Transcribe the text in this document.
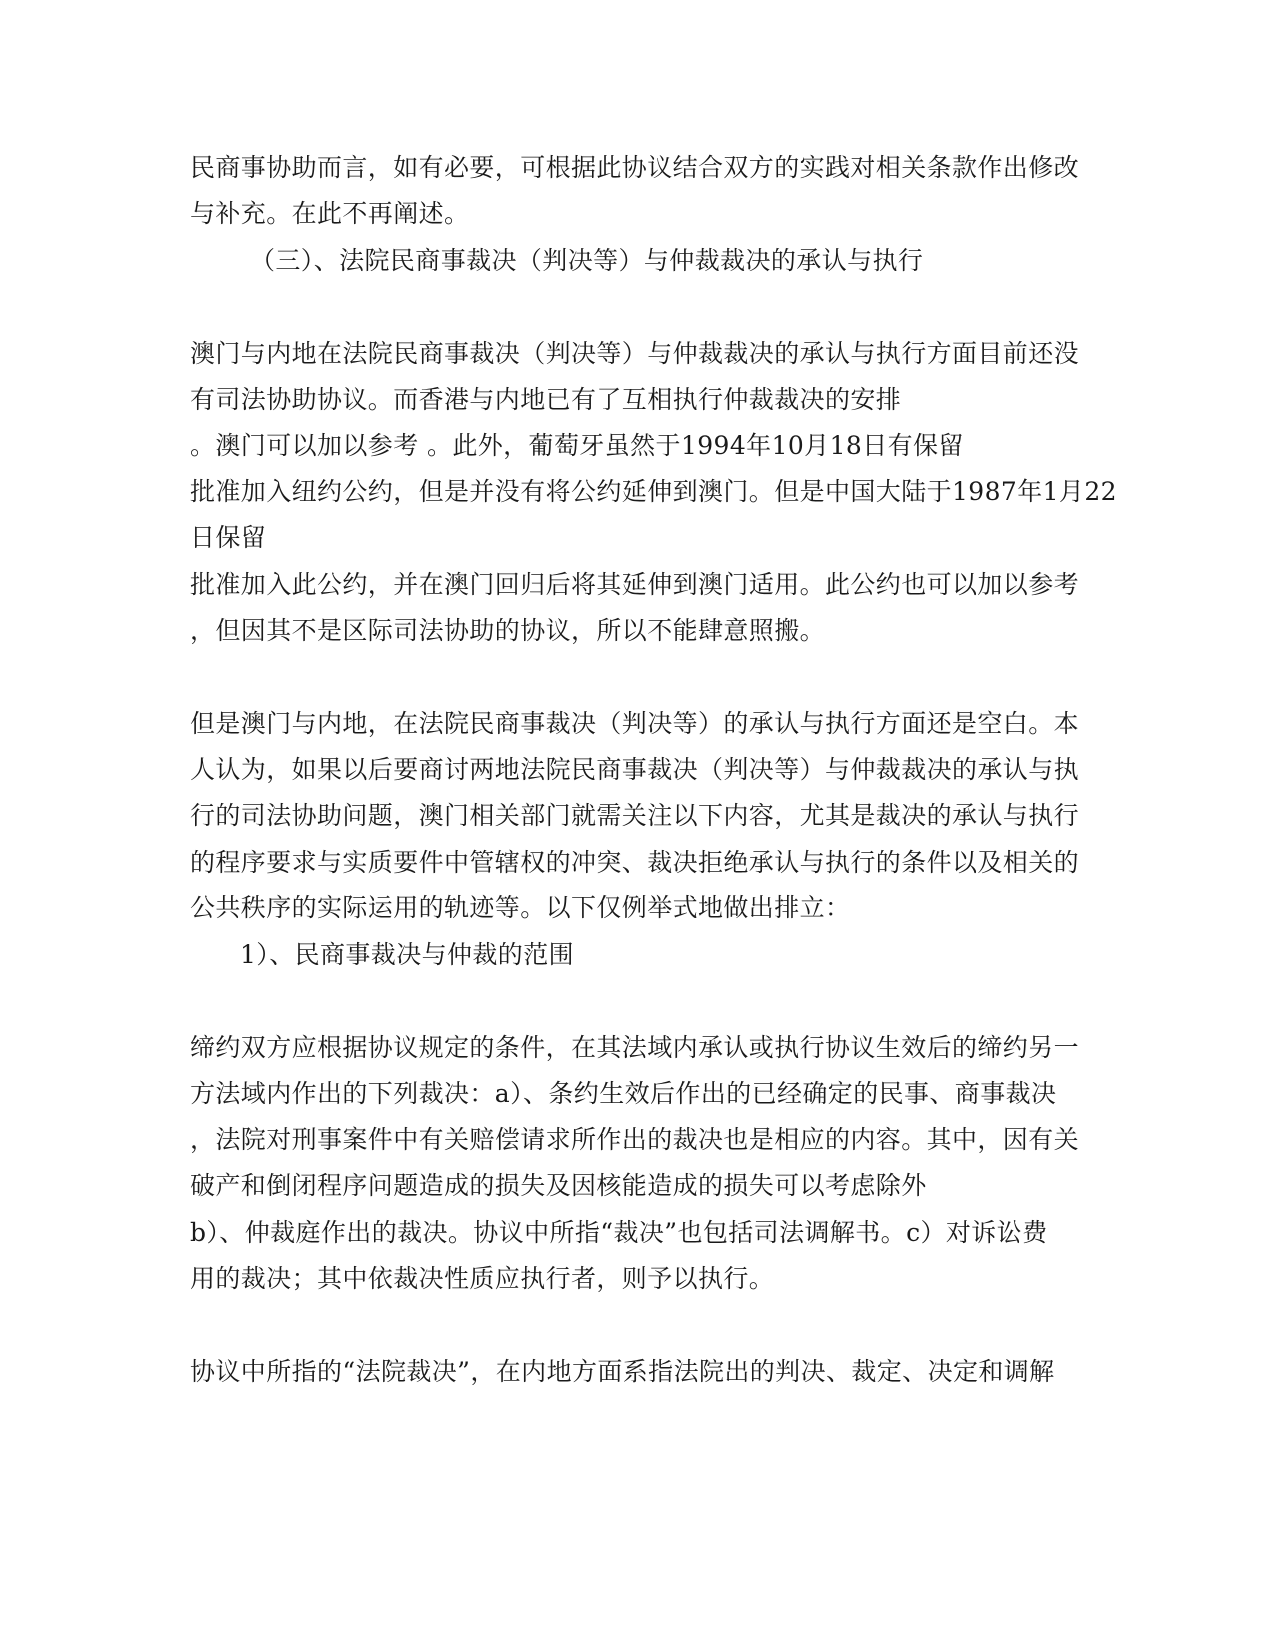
民商事协助而言，如有必要，可根据此协议结合双方的实践对相关条款作出修改

与补充。在此不再阐述。

（三）、法院民商事裁决（判决等）与仲裁裁决的承认与执行

澳门与内地在法院民商事裁决（判决等）与仲裁裁决的承认与执行方面目前还没

有司法协助协议。而香港与内地已有了互相执行仲裁裁决的安排

。澳门可以加以参考 。此外，葡萄牙虽然于1994年10月18日有保留

批准加入纽约公约，但是并没有将公约延伸到澳门。但是中国大陆于1987年1月22

日保留

批准加入此公约，并在澳门回归后将其延伸到澳门适用。此公约也可以加以参考

，但因其不是区际司法协助的协议，所以不能肆意照搬。

但是澳门与内地，在法院民商事裁决（判决等）的承认与执行方面还是空白。本

人认为，如果以后要商讨两地法院民商事裁决（判决等）与仲裁裁决的承认与执

行的司法协助问题，澳门相关部门就需关注以下内容，尤其是裁决的承认与执行

的程序要求与实质要件中管辖权的冲突、裁决拒绝承认与执行的条件以及相关的

公共秩序的实际运用的轨迹等。以下仅例举式地做出排立：

1）、民商事裁决与仲裁的范围

缔约双方应根据协议规定的条件，在其法域内承认或执行协议生效后的缔约另一

方法域内作出的下列裁决：a）、条约生效后作出的已经确定的民事、商事裁决

，法院对刑事案件中有关赔偿请求所作出的裁决也是相应的内容。其中，因有关

破产和倒闭程序问题造成的损失及因核能造成的损失可以考虑除外

b）、仲裁庭作出的裁决。协议中所指“裁决”也包括司法调解书。c）对诉讼费

用的裁决；其中依裁决性质应执行者，则予以执行。

协议中所指的“法院裁决”，在内地方面系指法院出的判决、裁定、决定和调解
